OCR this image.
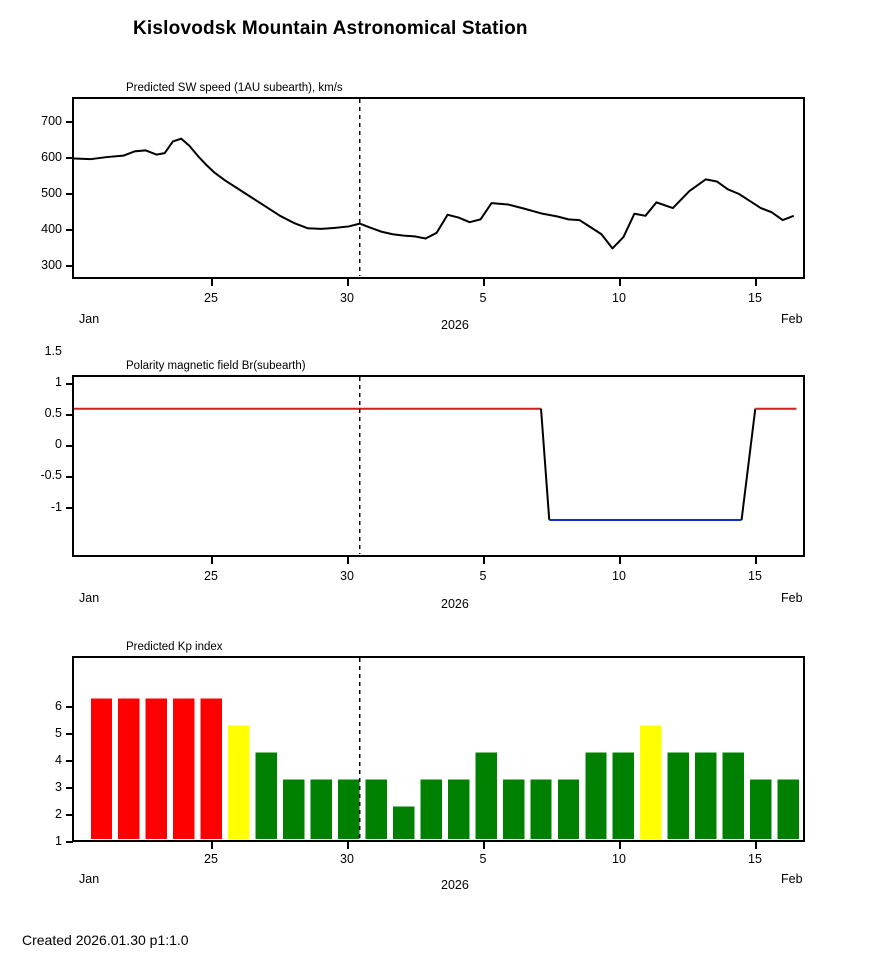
Kislovodsk Mountain Astronomical Station
Predicted SW speed (1AU subearth), km/s
300
400
500
600
700
25	30	5	10	15
Jan	Feb
2026
Polarity magnetic field Br(subearth)
-1
-0.5
0
0.5
1
1.5
25	30	5	10	15
Jan	Feb
2026
Predicted Kp index
1
2
3
4
5
6
25	30	5	10	15
Jan	Feb
2026
Created 2026.01.30 p1:1.0
